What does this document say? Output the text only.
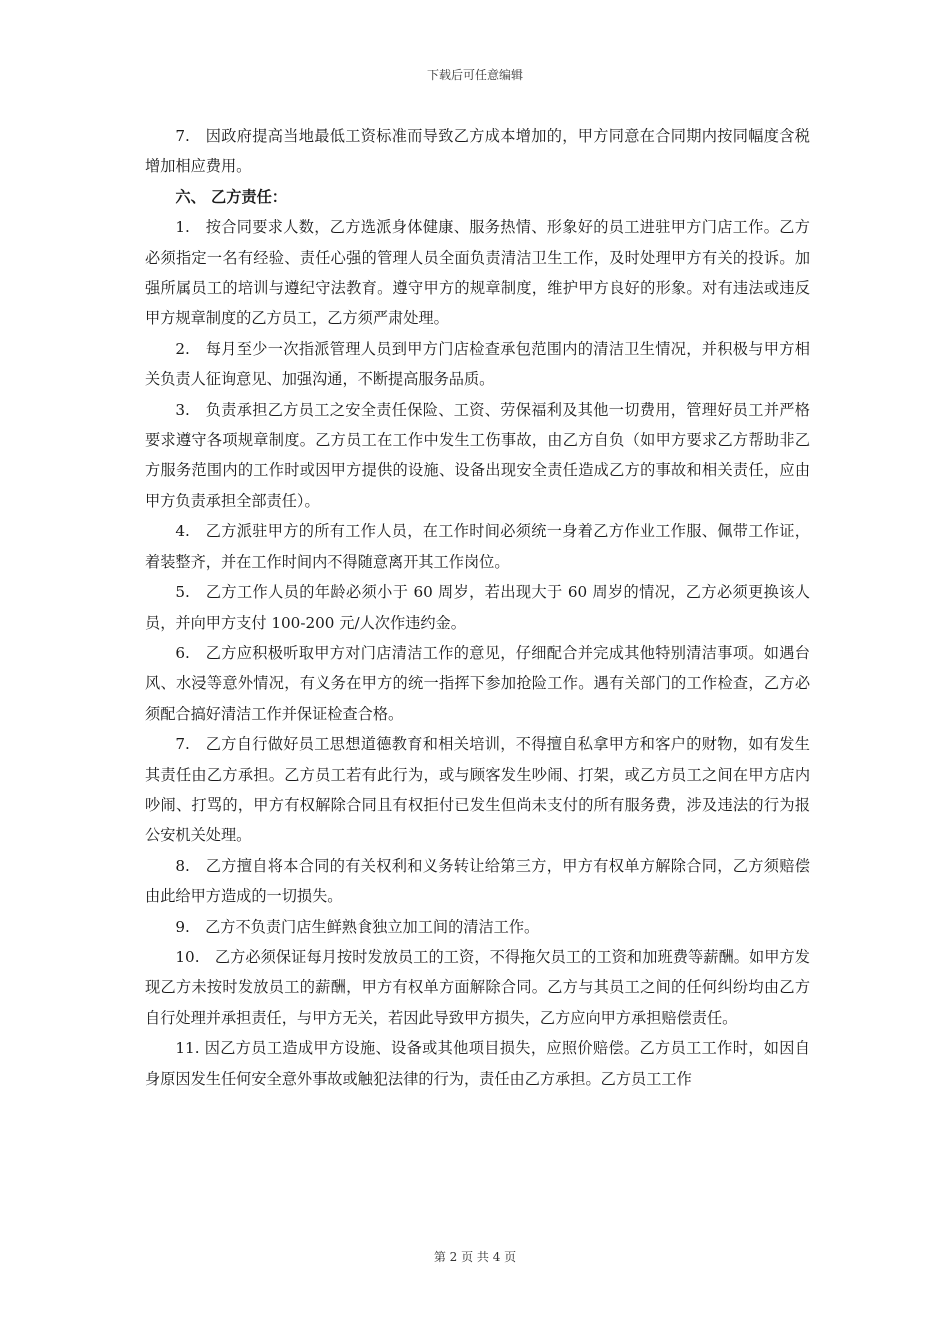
下载后可任意编辑

7.　因政府提高当地最低工资标准而导致乙方成本增加的，甲方同意在合同期内按同幅度含税增加相应费用。

六、 乙方责任：

1.　按合同要求人数，乙方选派身体健康、服务热情、形象好的员工进驻甲方门店工作。乙方必须指定一名有经验、责任心强的管理人员全面负责清洁卫生工作，及时处理甲方有关的投诉。加强所属员工的培训与遵纪守法教育。遵守甲方的规章制度，维护甲方良好的形象。对有违法或违反甲方规章制度的乙方员工，乙方须严肃处理。

2.　每月至少一次指派管理人员到甲方门店检查承包范围内的清洁卫生情况，并积极与甲方相关负责人征询意见、加强沟通，不断提高服务品质。

3.　负责承担乙方员工之安全责任保险、工资、劳保福利及其他一切费用，管理好员工并严格要求遵守各项规章制度。乙方员工在工作中发生工伤事故，由乙方自负（如甲方要求乙方帮助非乙方服务范围内的工作时或因甲方提供的设施、设备出现安全责任造成乙方的事故和相关责任，应由甲方负责承担全部责任）。

4.　乙方派驻甲方的所有工作人员，在工作时间必须统一身着乙方作业工作服、佩带工作证，着装整齐，并在工作时间内不得随意离开其工作岗位。

5.　乙方工作人员的年龄必须小于 60 周岁，若出现大于 60 周岁的情况，乙方必须更换该人员，并向甲方支付 100-200 元/人次作违约金。

6.　乙方应积极听取甲方对门店清洁工作的意见，仔细配合并完成其他特别清洁事项。如遇台风、水浸等意外情况，有义务在甲方的统一指挥下参加抢险工作。遇有关部门的工作检查，乙方必须配合搞好清洁工作并保证检查合格。

7.　乙方自行做好员工思想道德教育和相关培训，不得擅自私拿甲方和客户的财物，如有发生其责任由乙方承担。乙方员工若有此行为，或与顾客发生吵闹、打架，或乙方员工之间在甲方店内吵闹、打骂的，甲方有权解除合同且有权拒付已发生但尚未支付的所有服务费，涉及违法的行为报公安机关处理。

8.　乙方擅自将本合同的有关权利和义务转让给第三方，甲方有权单方解除合同，乙方须赔偿由此给甲方造成的一切损失。

9.　乙方不负责门店生鲜熟食独立加工间的清洁工作。

10.　乙方必须保证每月按时发放员工的工资，不得拖欠员工的工资和加班费等薪酬。如甲方发现乙方未按时发放员工的薪酬，甲方有权单方面解除合同。乙方与其员工之间的任何纠纷均由乙方自行处理并承担责任，与甲方无关，若因此导致甲方损失，乙方应向甲方承担赔偿责任。

11. 因乙方员工造成甲方设施、设备或其他项目损失，应照价赔偿。乙方员工工作时，如因自身原因发生任何安全意外事故或触犯法律的行为，责任由乙方承担。乙方员工工作

第 2 页 共 4 页
